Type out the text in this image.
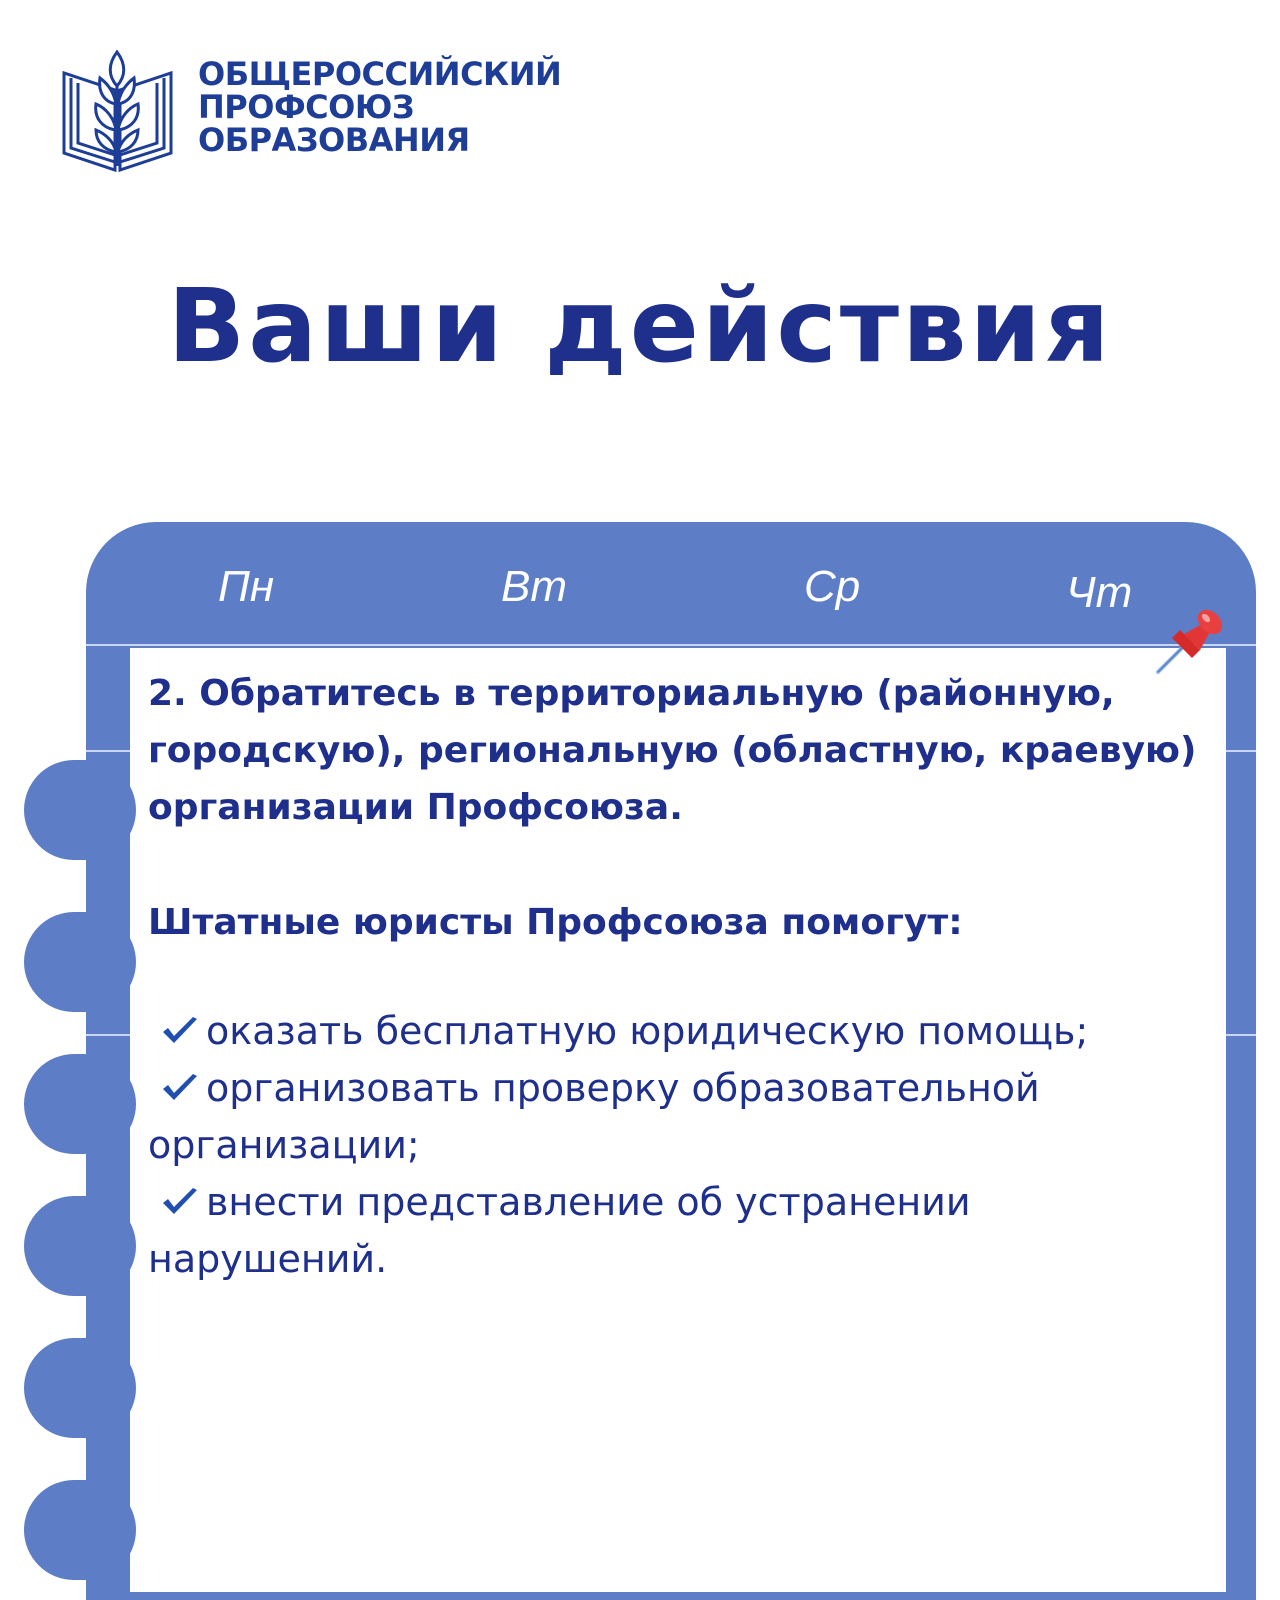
ОБЩЕРОССИЙСКИЙ
ПРОФСОЮЗ
ОБРАЗОВАНИЯ
Ваши действия
Пн	Вт	Ср	Чт

2. Обратитесь в территориальную (районную, городскую), региональную (областную, краевую) организации Профсоюза.

Штатные юристы Профсоюза помогут:

оказать бесплатную юридическую помощь;
организовать проверку образовательной организации;
внести представление об устранении нарушений.
